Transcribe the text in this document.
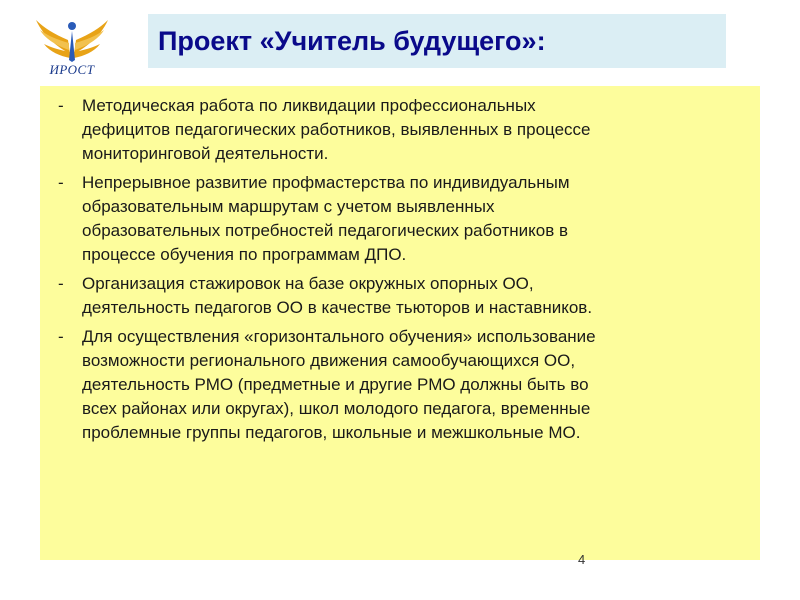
ИРОСТ
Проект «Учитель будущего»:
- Методическая работа по ликвидации профессиональных
дефицитов педагогических работников, выявленных в процессе
мониторинговой деятельности.
- Непрерывное развитие профмастерства по индивидуальным
образовательным маршрутам с учетом выявленных
образовательных потребностей педагогических работников в
процессе обучения по программам ДПО.
- Организация стажировок на базе окружных опорных ОО,
деятельность педагогов ОО в качестве тьюторов и наставников.
- Для осуществления «горизонтального обучения» использование
возможности регионального движения самообучающихся ОО,
деятельность РМО (предметные и другие РМО должны быть во
всех районах или округах), школ молодого педагога, временные
проблемные группы педагогов, школьные и межшкольные МО.
4
